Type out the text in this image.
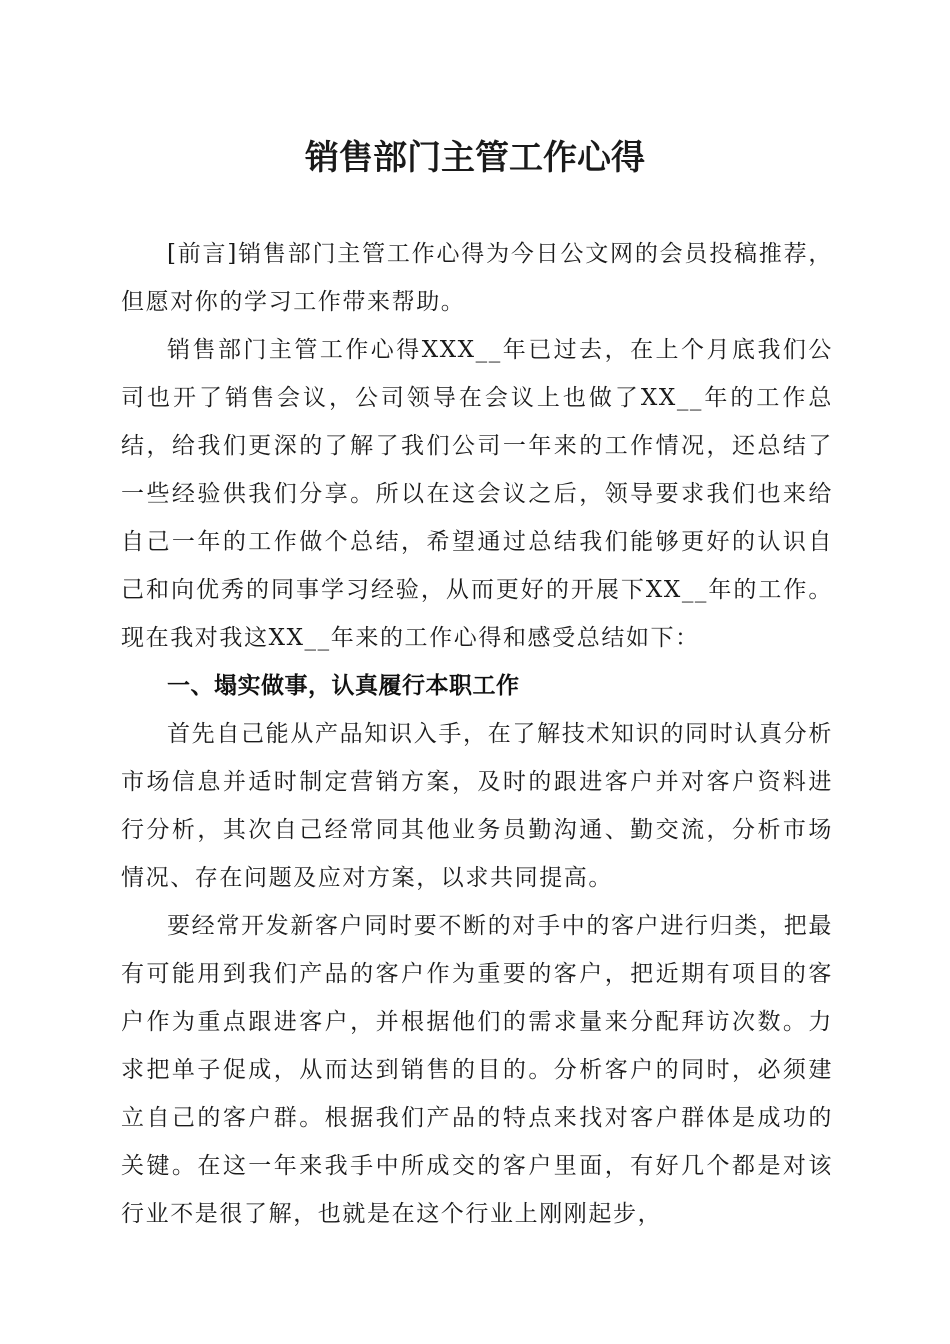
销售部门主管工作心得

[前言]销售部门主管工作心得为今日公文网的会员投稿推荐，但愿对你的学习工作带来帮助。

销售部门主管工作心得XXX__年已过去，在上个月底我们公司也开了销售会议，公司领导在会议上也做了XX__年的工作总结，给我们更深的了解了我们公司一年来的工作情况，还总结了一些经验供我们分享。所以在这会议之后，领导要求我们也来给自己一年的工作做个总结，希望通过总结我们能够更好的认识自己和向优秀的同事学习经验，从而更好的开展下XX__年的工作。现在我对我这XX__年来的工作心得和感受总结如下：

一、塌实做事，认真履行本职工作

首先自己能从产品知识入手，在了解技术知识的同时认真分析市场信息并适时制定营销方案，及时的跟进客户并对客户资料进行分析，其次自己经常同其他业务员勤沟通、勤交流，分析市场情况、存在问题及应对方案，以求共同提高。

要经常开发新客户同时要不断的对手中的客户进行归类，把最有可能用到我们产品的客户作为重要的客户，把近期有项目的客户作为重点跟进客户，并根据他们的需求量来分配拜访次数。力求把单子促成，从而达到销售的目的。分析客户的同时，必须建立自己的客户群。根据我们产品的特点来找对客户群体是成功的关键。在这一年来我手中所成交的客户里面，有好几个都是对该行业不是很了解，也就是在这个行业上刚刚起步，
